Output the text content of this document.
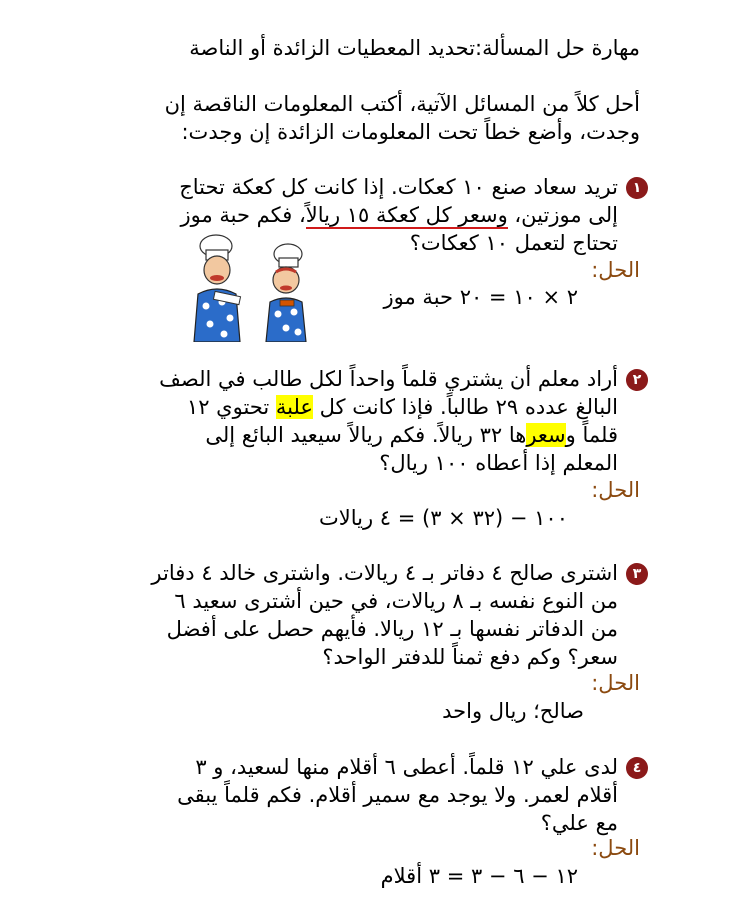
مهارة حل المسألة:تحديد المعطيات الزائدة أو الناصة
أحل كلاً من المسائل الآتية، أكتب المعلومات الناقصة إن
وجدت، وأضع خطاً تحت المعلومات الزائدة إن وجدت:
١
تريد سعاد صنع ١٠ كعكات. إذا كانت كل كعكة تحتاج
إلى موزتين، وسعر كل كعكة ١٥ ريالاً، فكم حبة موز
تحتاج لتعمل ١٠ كعكات؟
الحل:
٢ × ١٠ = ٢٠ حبة موز
٢
أراد معلم أن يشتري قلماً واحداً لكل طالب في الصف
البالغ عدده ٢٩ طالباً. فإذا كانت كل علبة تحتوي ١٢
قلماً وسعرها ٣٢ ريالاً. فكم ريالاً سيعيد البائع إلى
المعلم إذا أعطاه ١٠٠ ريال؟
الحل:
١٠٠ − (٣٢ × ٣) = ٤ ريالات
٣
اشترى صالح ٤ دفاتر بـ ٤ ريالات. واشترى خالد ٤ دفاتر
من النوع نفسه بـ ٨ ريالات، في حين أشترى سعيد ٦
من الدفاتر نفسها بـ ١٢ ريالا. فأيهم حصل على أفضل
سعر؟ وكم دفع ثمناً للدفتر الواحد؟
الحل:
صالح؛ ريال واحد
٤
لدى علي ١٢ قلماً. أعطى ٦ أقلام منها لسعيد، و ٣
أقلام لعمر. ولا يوجد مع سمير أقلام. فكم قلماً يبقى
مع علي؟
الحل:
١٢ − ٦ − ٣ = ٣ أقلام
